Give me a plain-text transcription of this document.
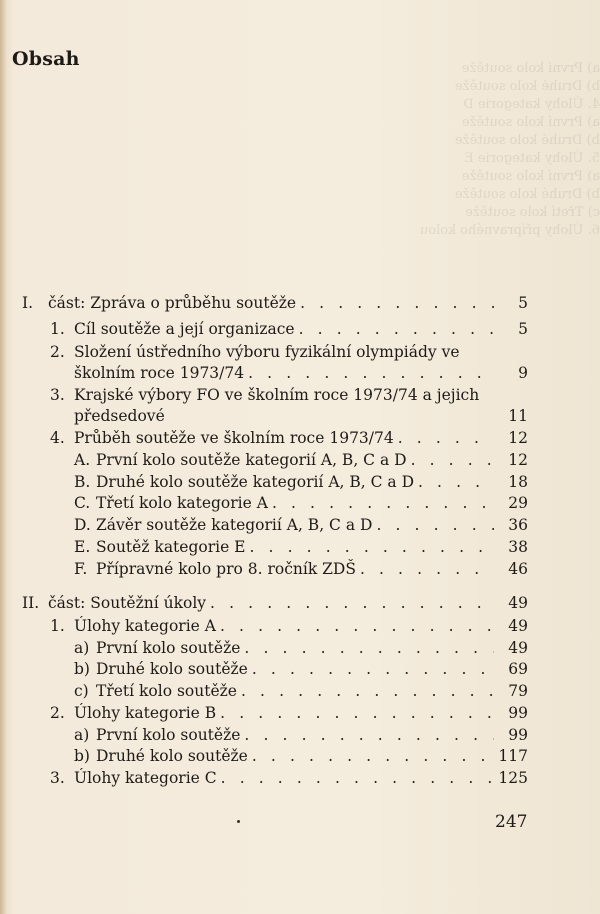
a) První kolo soutěže
b) Druhé kolo soutěže
4. Úlohy kategorie D
a) První kolo soutěže
b) Druhé kolo soutěže
5. Úlohy kategorie E
a) První kolo soutěže
b) Druhé kolo soutěže
c) Třetí kolo soutěže
6. Úlohy přípravného kolou
Obsah
I. část: Zpráva o průběhu soutěže . . .	5
1. Cíl soutěže a její organizace . . .	5
2. Složení ústředního výboru fyzikální olympiády ve
školním roce 1973/74 . . .	9
3. Krajské výbory FO ve školním roce 1973/74 a jejich
předsedové	11
4. Průběh soutěže ve školním roce 1973/74 . . .	12
A. První kolo soutěže kategorií A, B, C a D . . .	12
B. Druhé kolo soutěže kategorií A, B, C a D . . .	18
C. Třetí kolo kategorie A . . .	29
D. Závěr soutěže kategorií A, B, C a D . . .	36
E. Soutěž kategorie E . . .	38
F. Přípravné kolo pro 8. ročník ZDŠ . . .	46
II. část: Soutěžní úkoly . . .	49
1. Úlohy kategorie A . . .	49
a) První kolo soutěže . . .	49
b) Druhé kolo soutěže . . .	69
c) Třetí kolo soutěže . . .	79
2. Úlohy kategorie B . . .	99
a) První kolo soutěže . . .	99
b) Druhé kolo soutěže . . .	117
3. Úlohy kategorie C . . .	125
247
